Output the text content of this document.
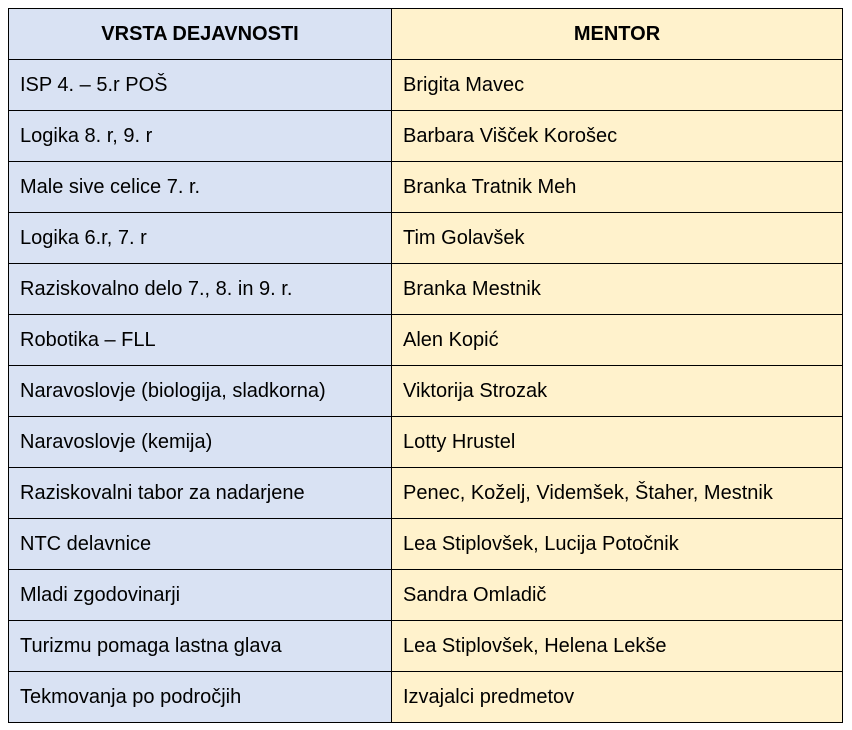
VRSTA DEJAVNOSTI	MENTOR
ISP 4. – 5.r POŠ	Brigita Mavec
Logika 8. r, 9. r	Barbara Višček Korošec
Male sive celice 7. r.	Branka Tratnik Meh
Logika 6.r, 7. r	Tim Golavšek
Raziskovalno delo 7., 8. in 9. r.	Branka Mestnik
Robotika – FLL	Alen Kopić
Naravoslovje (biologija, sladkorna)	Viktorija Strozak
Naravoslovje (kemija)	Lotty Hrustel
Raziskovalni tabor za nadarjene	Penec, Koželj, Videmšek, Štaher, Mestnik
NTC delavnice	Lea Stiplovšek, Lucija Potočnik
Mladi zgodovinarji	Sandra Omladič
Turizmu pomaga lastna glava	Lea Stiplovšek, Helena Lekše
Tekmovanja po področjih	Izvajalci predmetov
